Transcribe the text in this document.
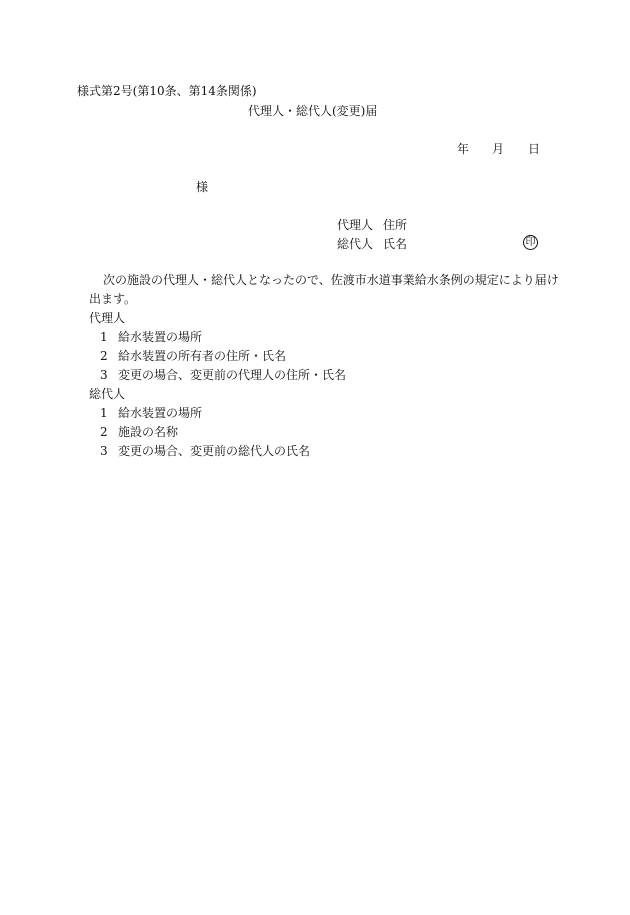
様式第2号(第10条、第14条関係)
代理人・総代人(変更)届
年 月 日
様
代理人 住所
総代人 氏名	印
次の施設の代理人・総代人となったので、佐渡市水道事業給水条例の規定により届け
出ます。
代理人
1 給水装置の場所
2 給水装置の所有者の住所・氏名
3 変更の場合、変更前の代理人の住所・氏名
総代人
1 給水装置の場所
2 施設の名称
3 変更の場合、変更前の総代人の氏名
